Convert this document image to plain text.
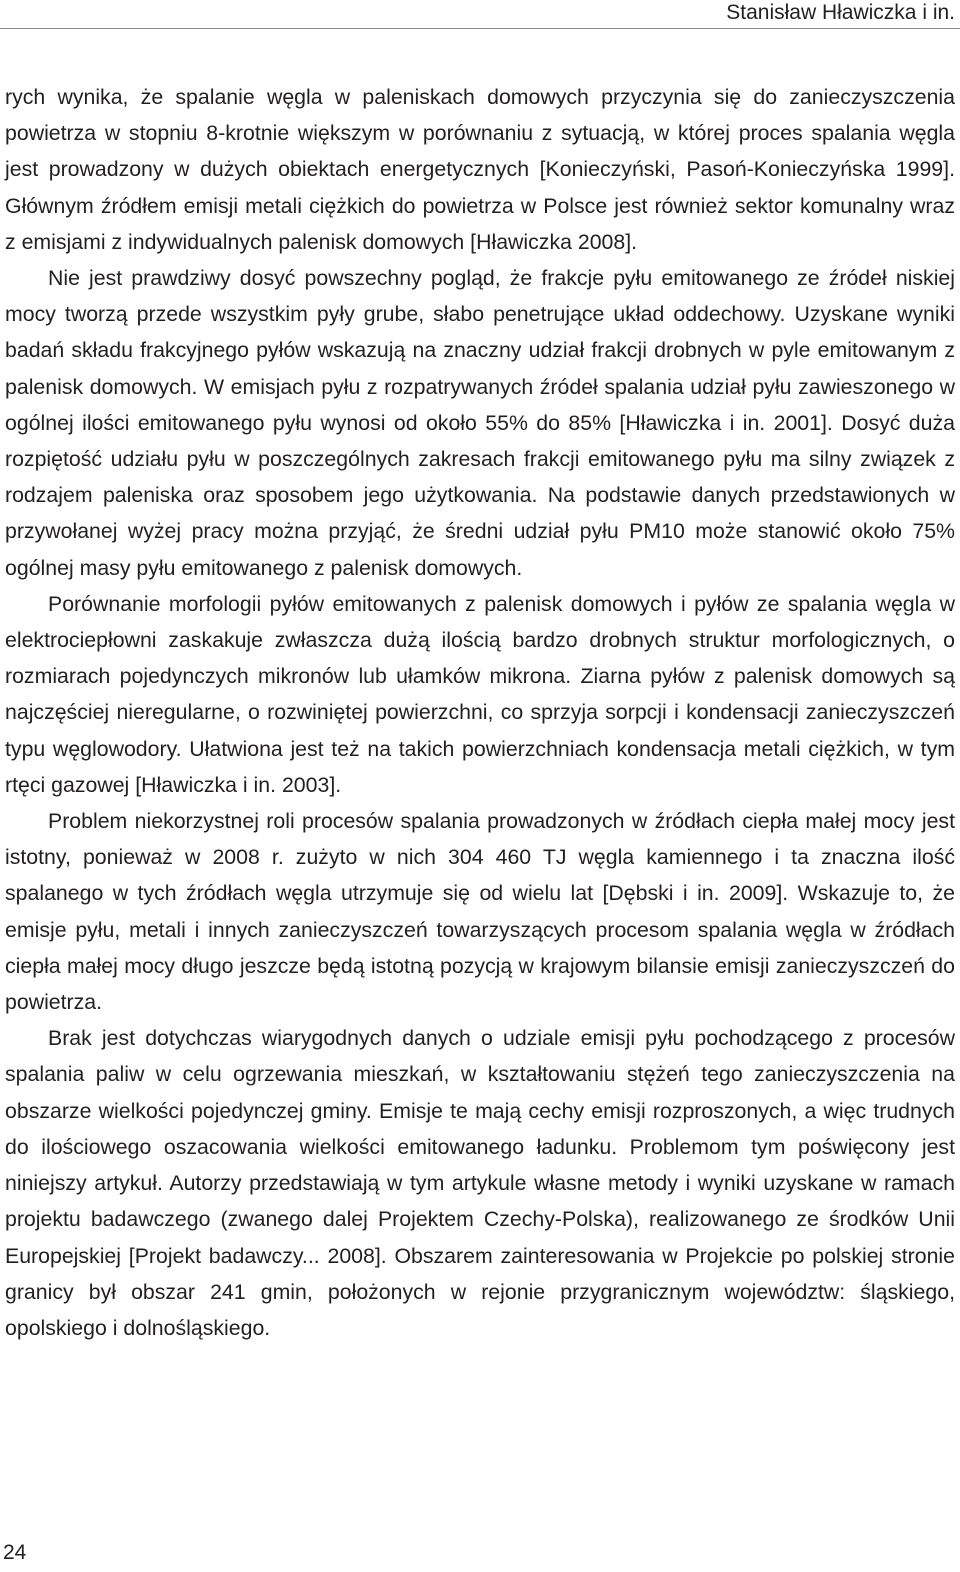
Stanisław Hławiczka i in.

rych wynika, że spalanie węgla w paleniskach domowych przyczynia się do zanieczyszczenia powietrza w stopniu 8-krotnie większym w porównaniu z sytuacją, w której proces spalania węgla jest prowadzony w dużych obiektach energetycznych [Konieczyński, Pasoń-Konieczyńska 1999]. Głównym źródłem emisji metali ciężkich do powietrza w Polsce jest również sektor komunalny wraz z emisjami z indywidualnych palenisk domowych [Hławiczka 2008].

Nie jest prawdziwy dosyć powszechny pogląd, że frakcje pyłu emitowanego ze źródeł niskiej mocy tworzą przede wszystkim pyły grube, słabo penetrujące układ oddechowy. Uzyskane wyniki badań składu frakcyjnego pyłów wskazują na znaczny udział frakcji drobnych w pyle emitowanym z palenisk domowych. W emisjach pyłu z rozpatrywanych źródeł spalania udział pyłu zawieszonego w ogólnej ilości emitowanego pyłu wynosi od około 55% do 85% [Hławiczka i in. 2001]. Dosyć duża rozpiętość udziału pyłu w poszczególnych zakresach frakcji emitowanego pyłu ma silny związek z rodzajem paleniska oraz sposobem jego użytkowania. Na podstawie danych przedstawionych w przywołanej wyżej pracy można przyjąć, że średni udział pyłu PM10 może stanowić około 75% ogólnej masy pyłu emitowanego z palenisk domowych.

Porównanie morfologii pyłów emitowanych z palenisk domowych i pyłów ze spalania węgla w elektrociepłowni zaskakuje zwłaszcza dużą ilością bardzo drobnych struktur morfologicznych, o rozmiarach pojedynczych mikronów lub ułamków mikrona. Ziarna pyłów z palenisk domowych są najczęściej nieregularne, o rozwiniętej powierzchni, co sprzyja sorpcji i kondensacji zanieczyszczeń typu węglowodory. Ułatwiona jest też na takich powierzchniach kondensacja metali ciężkich, w tym rtęci gazowej [Hławiczka i in. 2003].

Problem niekorzystnej roli procesów spalania prowadzonych w źródłach ciepła małej mocy jest istotny, ponieważ w 2008 r. zużyto w nich 304 460 TJ węgla kamiennego i ta znaczna ilość spalanego w tych źródłach węgla utrzymuje się od wielu lat [Dębski i in. 2009]. Wskazuje to, że emisje pyłu, metali i innych zanieczyszczeń towarzyszących procesom spalania węgla w źródłach ciepła małej mocy długo jeszcze będą istotną pozycją w krajowym bilansie emisji zanieczyszczeń do powietrza.

Brak jest dotychczas wiarygodnych danych o udziale emisji pyłu pochodzącego z procesów spalania paliw w celu ogrzewania mieszkań, w kształtowaniu stężeń tego zanieczyszczenia na obszarze wielkości pojedynczej gminy. Emisje te mają cechy emisji rozproszonych, a więc trudnych do ilościowego oszacowania wielkości emitowanego ładunku. Problemom tym poświęcony jest niniejszy artykuł. Autorzy przedstawiają w tym artykule własne metody i wyniki uzyskane w ramach projektu badawczego (zwanego dalej Projektem Czechy-Polska), realizowanego ze środków Unii Europejskiej [Projekt badawczy... 2008]. Obszarem zainteresowania w Projekcie po polskiej stronie granicy był obszar 241 gmin, położonych w rejonie przygranicznym województw: śląskiego, opolskiego i dolnośląskiego.

24
